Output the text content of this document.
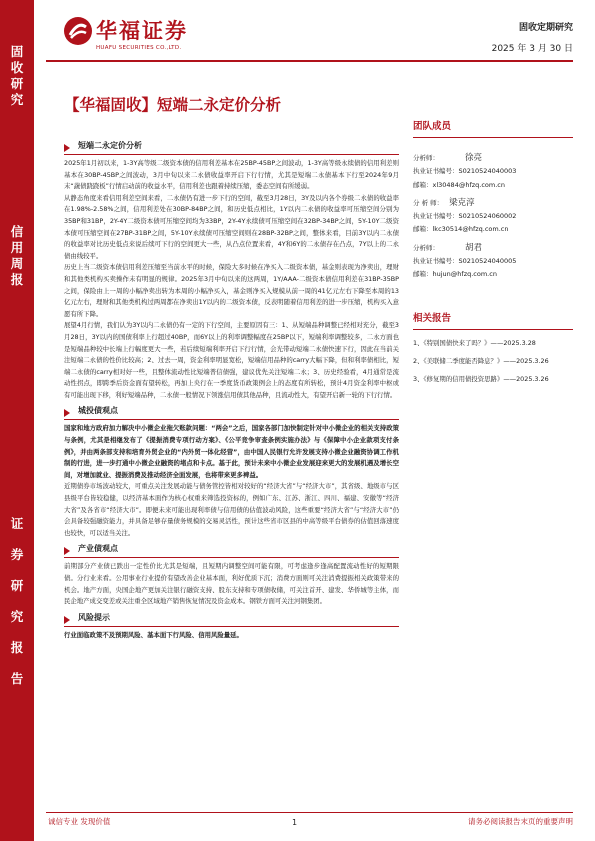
固
收
研
究
信
用
周
报
证
券
研
究
报
告
华福证券
HUAFU SECURITIES CO.,LTD.
固收定期研究
2025 年 3 月 30 日
【华福固收】短端二永定价分析
短端二永定价分析

2025年1月初以来，1-3Y高等级二级资本债的信用利差基本在25BP-45BP之间波动，1-3Y高等级永续债的信用利差则基本在30BP-45BP之间波动，3月中旬以来二永债收益率开启下行行情，尤其是短端二永债基本下行至2024年9月末“蔬债跷跷板”行情启动前的收益水平，信用利差也跟着持续压缩，委态空间有所缓弱。

从静态角度来看信用利差空间来看，二永债仍有进一步下行的空间，截至3月28日，3Y及以内各个券级二永债的收益率在1.98%-2.58%之间，信用利差处在30BP-84BP之间，和历史低点相比，1Y以内二永债的收益率可压缩空间分别为35BP和31BP，2Y-4Y二级资本债可压缩空间均为33BP，2Y-4Y永续债可压缩空间在32BP-34BP之间，5Y-10Y二级资本债可压缩空间在27BP-31BP之间，5Y-10Y永续债可压缩空间则在28BP-32BP之间，整体来看，目前3Y以内二永债的收益率对比历史低点来说后续可下行的空间更大一些，从凸点位置来看，4Y和6Y的二永债存在凸点，7Y以上的二永债由线较平。

历史上当二级资本债信用利差压缩至当前水平的时候，保险大多时候在净买入二级资本债，基金则表现为净卖出，理财和其他类机构买卖操作未有明显的规律。2025年3月中旬以来的这两周，1Y/AAA-二级资本债信用利差在31BP-35BP之间，保险由上一周的小幅净卖出转为本周的小幅净买入，基金则净买入规模从前一周的41亿元左右下降至本周的13亿元左右，理财和其他类机构过两周都在净卖出1Y以内的二级资本债，反表明随着信用利差的进一步压缩，机构买入意愿有所下降。

展望4月行情，我们认为3Y以内二永债仍有一定的下行空间，主要原因有三：1、从短端品种调整已经相对充分，截至3月28日，3Y以内的国债利率上行超过40BP，而6Y以上的利率调整幅度在25BP以下，短端利率调整较多，二永方面也是短端品种较中长端上行幅度更大一些，若后续短端利率开启下行行情，会光带动短端二永债快速下行，因此在当前关注短端二永债的性价比较高；2、过去一周，资金利率明显宽松，短端信用品种的carry大幅下降，但和利率债相比，短端二永债的carry相对好一些，且整体流动性比短端普信债强，建议优先关注短端二永；3、历史经验看，4月通常是流动性拐点，即跨季后资金面有望转松，再加上央行在一季度货币政策例会上的态度有所转松，预计4月资金利率中枢或有可能出现下移，利好短端品种，二永债一般情况下领涨信用债其他品种，且流动性大，有望开启新一轮的下行行情。

城投债观点

国家和地方政府加力解决中小微企业拖欠账款问题：“两会”之后，国家各部门加快制定针对中小微企业的相关支持政策与条例，尤其是相继发布了《提振消费专项行动方案》、《公平竞争审查条例实施办法》与《保障中小企业款项支付条例》，并由两条部支持和培育外贸企业的“内外贸一体化经营”，由中国人民银行允许发展支持小微企业融资协调工作机制的行进，进一步打通中小微企业融资的堵点和卡点。基于此，预计未来中小微企业发展迎来更大的发展机遇及增长空间，对增加就业、提振消费及推动经济全面发展，也将带来更多裨益。

近期债券市场波动较大，可重点关注发展动能与债务管控皆相对较好的“经济大省”与“经济大市”，其省级、地级市与区县级平台皆较稳健，以经济基本面作为核心权重来筛选投资标的，例如广东、江苏、浙江、四川、福建、安徽等“经济大省”及各省市“经济大市”。即便未来可能出现利率债与信用债的估值波动风险，这些重要“经济大省”与“经济大市”仍会具备较强融资能力，并具备足够存量债务规模的交易灵活性，预计这些省市区县的中高等级平台债券的估值回落速度也较快，可以适当关注。

产业债观点

前期部分产业债已跌出一定性价比尤其是短端，且短期内调整空间可能有限，可考虑逢步逢高配置流动性好的短期限债。分行业来看。公用事业行业提价有望改善企业基本面，利好优质下沉；消费方面则可关注消费提振相关政策带来的机会。地产方面，央国企地产更加关注银行融资支持、股东支持和专项债收储，可关注首开、建发、华侨城等主体，而民企地产成交变差或关注重全区域地产销售恢复情况及资金成本。钢铁方面可关注河钢集团。

风险提示

行业面临政策不及预期风险、基本面下行风险、信用风险量延。

团队成员
分析师：	徐亮
执业证书编号：S0210524040003
邮箱：xl30484@hfzq.com.cn
分 析 师： 梁克淳
执业证书编号：S0210524060002
邮箱：lkc30514@hfzq.com.cn
分析师：	胡君
执业证书编号：S0210524040005
邮箱：hujun@hfzq.com.cn
相关报告
1、《特别国债快来了吗？》——2025.3.28
2、《美联储二季度能否降息？》——2025.3.26
3、《修复期的信用债投资思路》——2025.3.26
诚信专业 发现价值	1	请务必阅读报告末页的重要声明
